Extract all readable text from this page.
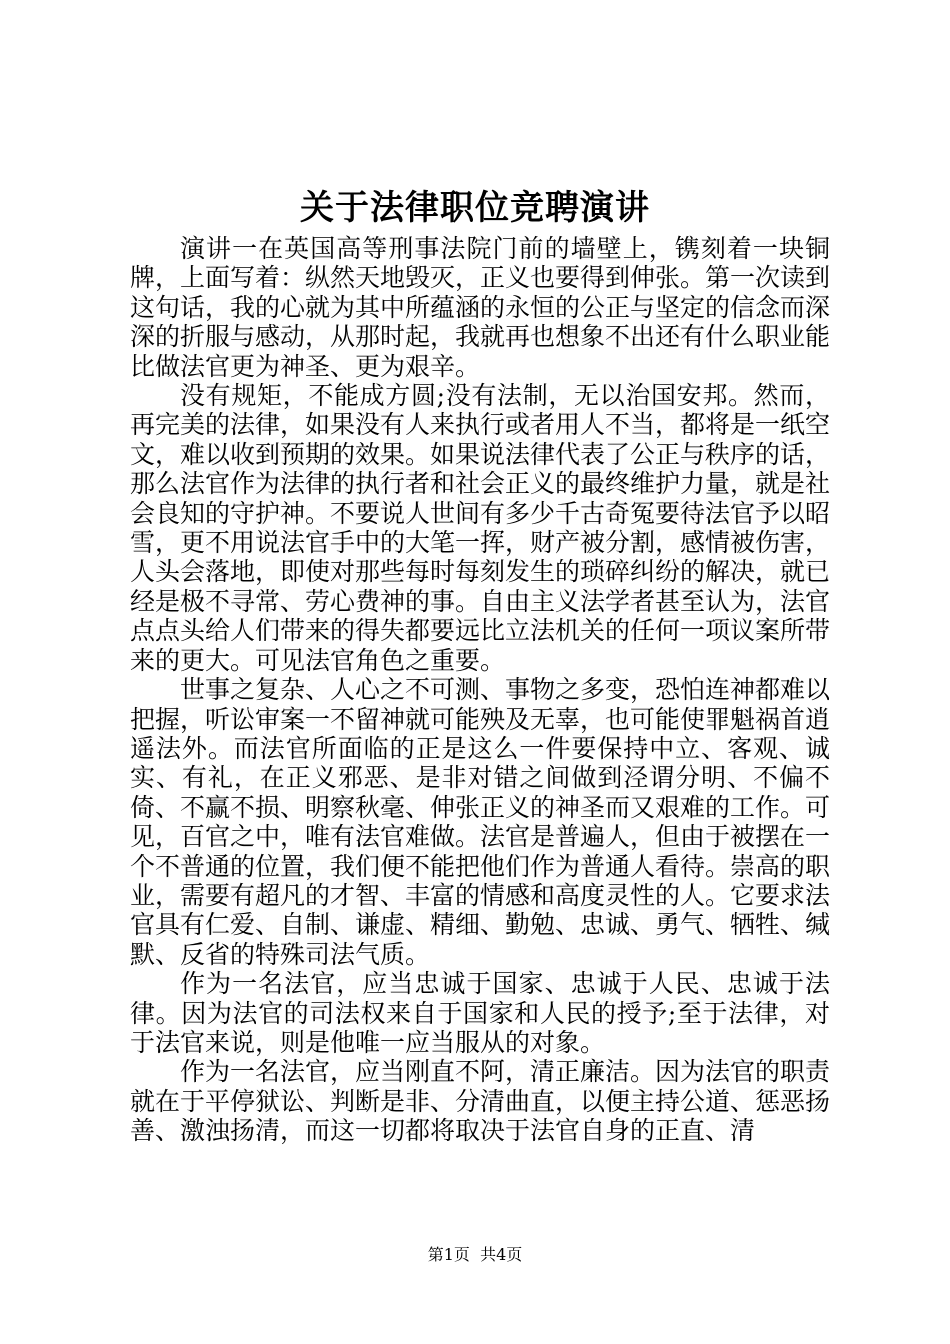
关于法律职位竞聘演讲

演讲一在英国高等刑事法院门前的墙壁上，镌刻着一块铜牌，上面写着：纵然天地毁灭，正义也要得到伸张。第一次读到这句话，我的心就为其中所蕴涵的永恒的公正与坚定的信念而深深的折服与感动，从那时起，我就再也想象不出还有什么职业能比做法官更为神圣、更为艰辛。

没有规矩，不能成方圆;没有法制，无以治国安邦。然而，再完美的法律，如果没有人来执行或者用人不当，都将是一纸空文，难以收到预期的效果。如果说法律代表了公正与秩序的话，那么法官作为法律的执行者和社会正义的最终维护力量，就是社会良知的守护神。不要说人世间有多少千古奇冤要待法官予以昭雪，更不用说法官手中的大笔一挥，财产被分割，感情被伤害，人头会落地，即使对那些每时每刻发生的琐碎纠纷的解决，就已经是极不寻常、劳心费神的事。自由主义法学者甚至认为，法官点点头给人们带来的得失都要远比立法机关的任何一项议案所带来的更大。可见法官角色之重要。

世事之复杂、人心之不可测、事物之多变，恐怕连神都难以把握，听讼审案一不留神就可能殃及无辜，也可能使罪魁祸首逍遥法外。而法官所面临的正是这么一件要保持中立、客观、诚实、有礼，在正义邪恶、是非对错之间做到泾谓分明、不偏不倚、不赢不损、明察秋毫、伸张正义的神圣而又艰难的工作。可见，百官之中，唯有法官难做。法官是普遍人，但由于被摆在一个不普通的位置，我们便不能把他们作为普通人看待。崇高的职业，需要有超凡的才智、丰富的情感和高度灵性的人。它要求法官具有仁爱、自制、谦虚、精细、勤勉、忠诚、勇气、牺牲、缄默、反省的特殊司法气质。

作为一名法官，应当忠诚于国家、忠诚于人民、忠诚于法律。因为法官的司法权来自于国家和人民的授予;至于法律，对于法官来说，则是他唯一应当服从的对象。

作为一名法官，应当刚直不阿，清正廉洁。因为法官的职责就在于平停狱讼、判断是非、分清曲直，以便主持公道、惩恶扬善、激浊扬清，而这一切都将取决于法官自身的正直、清

第1页 共4页
